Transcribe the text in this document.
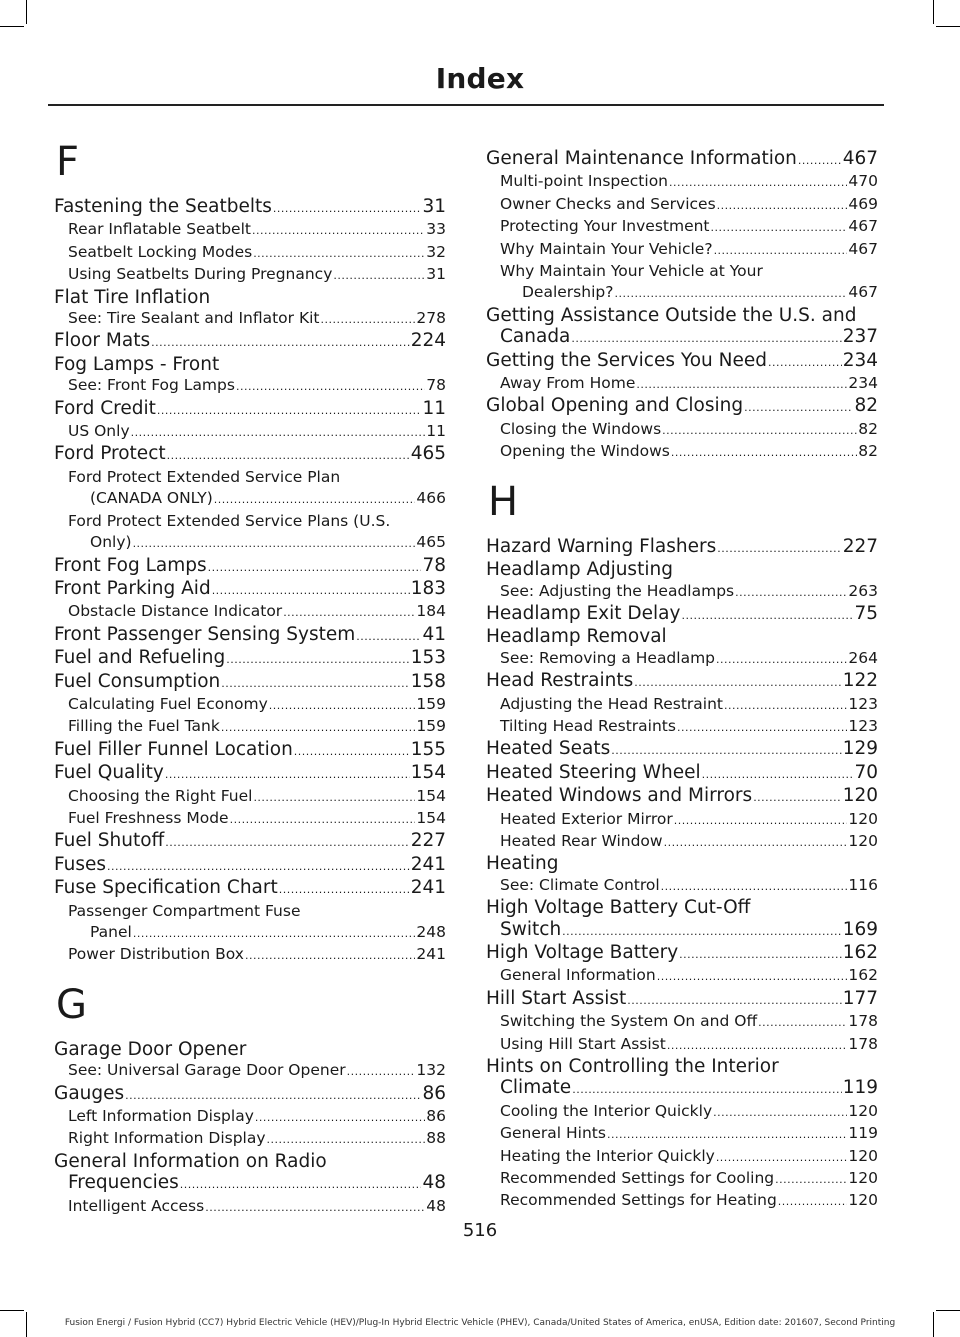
Index
F
Fastening the Seatbelts .....	31
Rear Inflatable Seatbelt .....	33
Seatbelt Locking Modes .....	32
Using Seatbelts During Pregnancy .....	31
Flat Tire Inflation
See: Tire Sealant and Inflator Kit .....	278
Floor Mats .....	224
Fog Lamps - Front
See: Front Fog Lamps .....	78
Ford Credit .....	11
US Only .....	11
Ford Protect .....	465
Ford Protect Extended Service Plan
(CANADA ONLY) .....	466
Ford Protect Extended Service Plans (U.S.
Only) .....	465
Front Fog Lamps .....	78
Front Parking Aid .....	183
Obstacle Distance Indicator .....	184
Front Passenger Sensing System .....	41
Fuel and Refueling .....	153
Fuel Consumption .....	158
Calculating Fuel Economy .....	159
Filling the Fuel Tank .....	159
Fuel Filler Funnel Location .....	155
Fuel Quality .....	154
Choosing the Right Fuel .....	154
Fuel Freshness Mode .....	154
Fuel Shutoff .....	227
Fuses .....	241
Fuse Specification Chart .....	241
Passenger Compartment Fuse
Panel .....	248
Power Distribution Box .....	241
G
Garage Door Opener
See: Universal Garage Door Opener .....	132
Gauges .....	86
Left Information Display .....	86
Right Information Display .....	88
General Information on Radio
Frequencies .....	48
Intelligent Access .....	48
General Maintenance Information ..... 467
Multi-point Inspection .....	470
Owner Checks and Services .....	469
Protecting Your Investment .....	467
Why Maintain Your Vehicle? .....	467
Why Maintain Your Vehicle at Your
Dealership? .....	467
Getting Assistance Outside the U.S. and
Canada .....	237
Getting the Services You Need .....	234
Away From Home .....	234
Global Opening and Closing .....	82
Closing the Windows .....	82
Opening the Windows .....	82
H
Hazard Warning Flashers .....	227
Headlamp Adjusting
See: Adjusting the Headlamps .....	263
Headlamp Exit Delay .....	75
Headlamp Removal
See: Removing a Headlamp .....	264
Head Restraints .....	122
Adjusting the Head Restraint .....	123
Tilting Head Restraints .....	123
Heated Seats .....	129
Heated Steering Wheel .....	70
Heated Windows and Mirrors .....	120
Heated Exterior Mirror .....	120
Heated Rear Window .....	120
Heating
See: Climate Control .....	116
High Voltage Battery Cut-Off
Switch .....	169
High Voltage Battery .....	162
General Information .....	162
Hill Start Assist .....	177
Switching the System On and Off .....	178
Using Hill Start Assist .....	178
Hints on Controlling the Interior
Climate .....	119
Cooling the Interior Quickly .....	120
General Hints .....	119
Heating the Interior Quickly .....	120
Recommended Settings for Cooling .....	120
Recommended Settings for Heating .....	120
516
Fusion Energi / Fusion Hybrid (CC7) Hybrid Electric Vehicle (HEV)/Plug-In Hybrid Electric Vehicle (PHEV), Canada/United States of America, enUSA, Edition date: 201607, Second Printing
